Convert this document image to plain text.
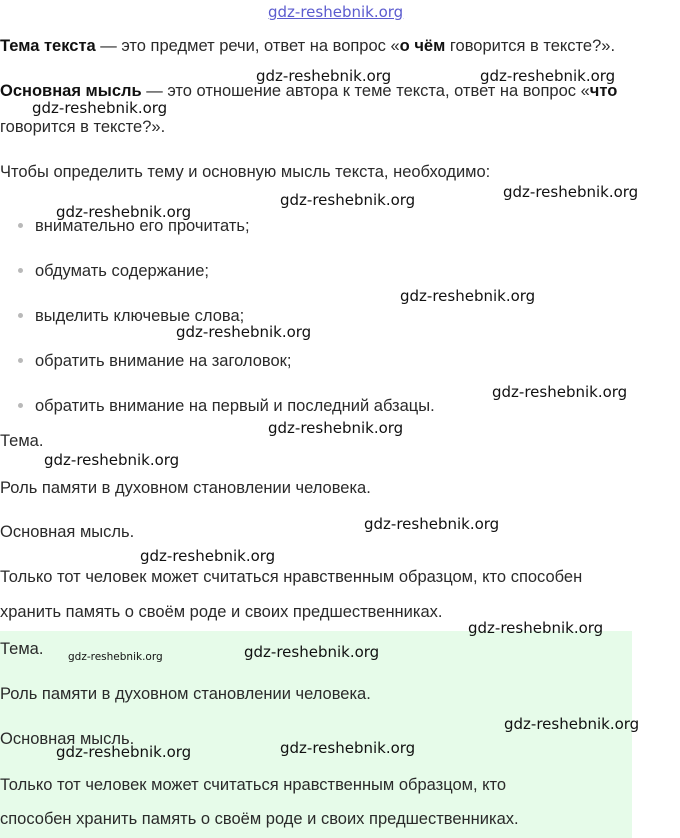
Тема текста — это предмет речи, ответ на вопрос «о чём говорится в тексте?».
Основная мысль — это отношение автора к теме текста, ответ на вопрос «что
говорится в тексте?».
Чтобы определить тему и основную мысль текста, необходимо:
внимательно его прочитать;
обдумать содержание;
выделить ключевые слова;
обратить внимание на заголовок;
обратить внимание на первый и последний абзацы.
Тема.
Роль памяти в духовном становлении человека.
Основная мысль.
Только тот человек может считаться нравственным образцом, кто способен
хранить память о своём роде и своих предшественниках.
Тема.
Роль памяти в духовном становлении человека.
Основная мысль.
Только тот человек может считаться нравственным образцом, кто
способен хранить память о своём роде и своих предшественниках.
gdz-reshebnik.org
gdz-reshebnik.org	gdz-reshebnik.org
gdz-reshebnik.org
gdz-reshebnik.org
gdz-reshebnik.org
gdz-reshebnik.org
gdz-reshebnik.org
gdz-reshebnik.org
gdz-reshebnik.org
gdz-reshebnik.org
gdz-reshebnik.org
gdz-reshebnik.org
gdz-reshebnik.org
gdz-reshebnik.org
gdz-reshebnik.org	gdz-reshebnik.org
gdz-reshebnik.org
gdz-reshebnik.org	gdz-reshebnik.org
